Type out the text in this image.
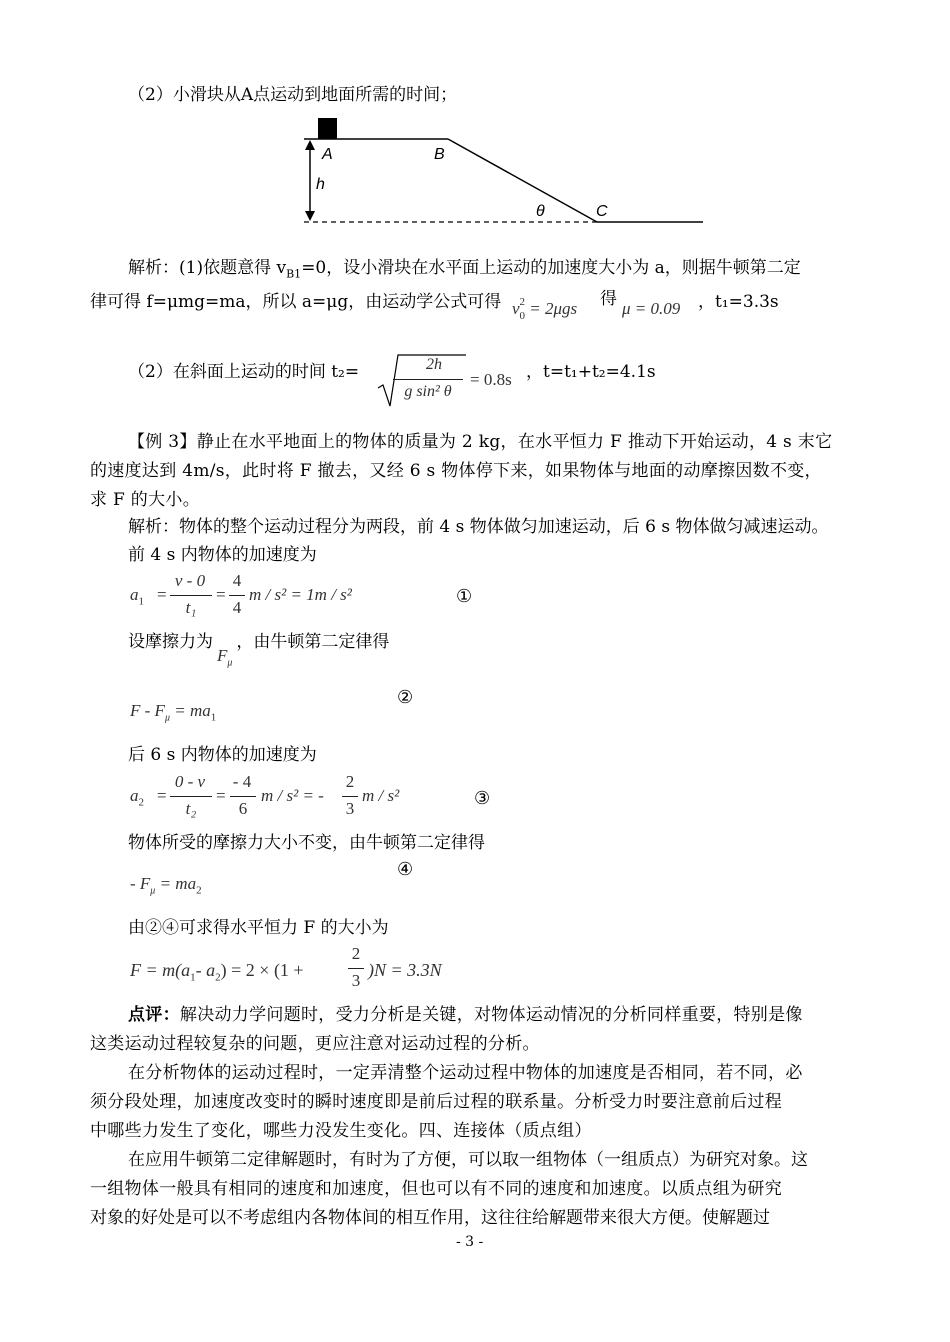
（2）小滑块从A点运动到地面所需的时间；
A	B
h
θ	C
解析：(1)依题意得 $v_{B1}=0$，设小滑块在水平面上运动的加速度大小为 a，则据牛顿第二定
律可得 f=μmg=ma，所以 a=μg，由运动学公式可得 v 2
0 = 2μgs 得 μ = 0.09 ，t₁=3.3s
（2）在斜面上运动的时间 t₂=	2h
g sin² θ
= 0.8s ，t=t₁+t₂=4.1s
【例 3】静止在水平地面上的物体的质量为 2 kg，在水平恒力 F 推动下开始运动，4 s 末它
的速度达到 4m/s，此时将 F 撤去，又经 6 s 物体停下来，如果物体与地面的动摩擦因数不变，
求 F 的大小。
解析：物体的整个运动过程分为两段，前 4 s 物体做匀加速运动，后 6 s 物体做匀减速运动。
前 4 s 内物体的加速度为
$a_1$ =
v - 0
t₁
=
4
4
m / s² = 1m / s²	①
设摩擦力为$F_\mu$，由牛顿第二定律得
$F - F_\mu = ma_1$
②
后 6 s 内物体的加速度为
$a_2$ =
0 - v
t₂
=
- 4
6
m / s² = -
2
3
m / s²	③
物体所受的摩擦力大小不变，由牛顿第二定律得
- $F_\mu = ma_2$
④
由②④可求得水平恒力 F 的大小为
$F = m(a_1-$ $a_2) = 2 \times (1$ +
2
3
)N = 3.3N
点评：解决动力学问题时，受力分析是关键，对物体运动情况的分析同样重要，特别是像
这类运动过程较复杂的问题，更应注意对运动过程的分析。
在分析物体的运动过程时，一定弄清整个运动过程中物体的加速度是否相同，若不同，必
须分段处理，加速度改变时的瞬时速度即是前后过程的联系量。分析受力时要注意前后过程
中哪些力发生了变化，哪些力没发生变化。四、连接体（质点组）
在应用牛顿第二定律解题时，有时为了方便，可以取一组物体（一组质点）为研究对象。这
一组物体一般具有相同的速度和加速度，但也可以有不同的速度和加速度。以质点组为研究
对象的好处是可以不考虑组内各物体间的相互作用，这往往给解题带来很大方便。使解题过
- 3 -
